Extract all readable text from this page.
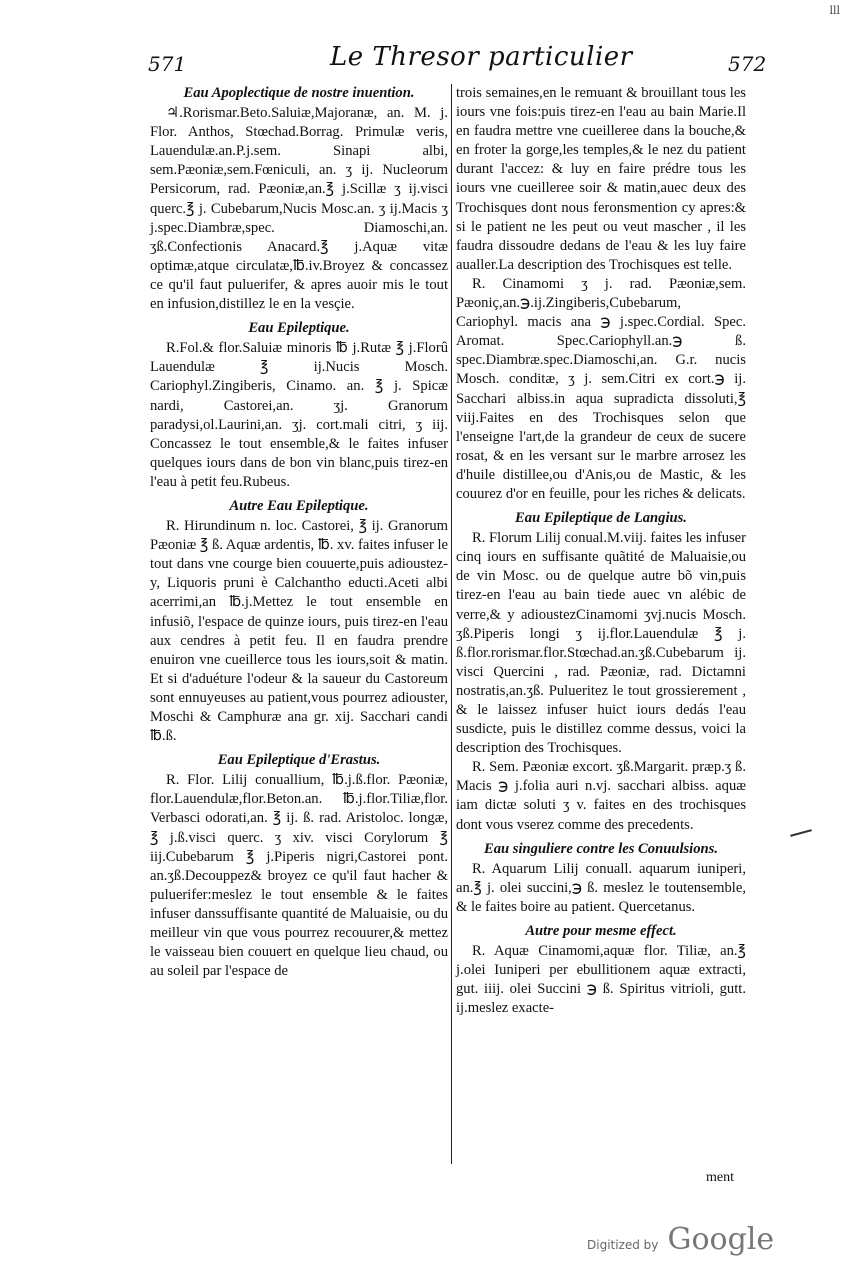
lll
571	Le Thresor particulier	572
Eau Apoplectique de nostre inuention.

♃.Rorismar.Beto.Saluiæ,Majoranæ, an. M. j. Flor. Anthos, Stœchad.Borrag. Primulæ veris, Lauendulæ.an.P.j.sem. Sinapi albi, sem.Pæoniæ,sem.Fœniculi, an. ʒ ij. Nucleorum Persicorum, rad. Pæoniæ,an.℥ j.Scillæ ʒ ij.visci querc.℥ j. Cubebarum,Nucis Mosc.an. ʒ ij.Macis ʒ j.spec.Diambræ,spec. Diamoschi,an. ʒß.Confectionis Anacard.℥ j.Aquæ vitæ optimæ,atque circulatæ,℔.iv.Broyez & concassez ce qu'il faut puluerifer, & apres auoir mis le tout en infusion,distillez le en la vesçie.

Eau Epileptique.

R.Fol.& flor.Saluiæ minoris ℔ j.Rutæ ℥ j.Florû Lauendulæ ℥ ij.Nucis Mosch. Cariophyl.Zingiberis, Cinamo. an. ℥ j. Spicæ nardi, Castorei,an. ʒj. Granorum paradysi,ol.Laurini,an. ʒj. cort.mali citri, ʒ iij. Concassez le tout ensemble,& le faites infuser quelques iours dans de bon vin blanc,puis tirez-en l'eau à petit feu.Rubeus.

Autre Eau Epileptique.

R. Hirundinum n. loc. Castorei, ℥ ij. Granorum Pæoniæ ℥ ß. Aquæ ardentis, ℔. xv. faites infuser le tout dans vne courge bien couuerte,puis adioustez-y, Liquoris pruni è Calchantho educti.Aceti albi acerrimi,an ℔.j.Mettez le tout ensemble en infusiõ, l'espace de quinze iours, puis tirez-en l'eau aux cendres à petit feu. Il en faudra prendre enuiron vne cueillerce tous les iours,soit & matin. Et si d'aduéture l'odeur & la saueur du Castoreum sont ennuyeuses au patient,vous pourrez adiouster, Moschi & Camphuræ ana gr. xij. Sacchari candi ℔.ß.

Eau Epileptique d'Erastus.

R. Flor. Lilij conuallium, ℔.j.ß.flor. Pæoniæ, flor.Lauendulæ,flor.Beton.an. ℔.j.flor.Tiliæ,flor. Verbasci odorati,an. ℥ ij. ß. rad. Aristoloc. longæ, ℥ j.ß.visci querc. ʒ xiv. visci Corylorum ℥ iij.Cubebarum ℥ j.Piperis nigri,Castorei pont. an.ʒß.Decouppez& broyez ce qu'il faut hacher & puluerifer:meslez le tout ensemble & le faites infuser danssuffisante quantité de Maluaisie, ou du meilleur vin que vous pourrez recouurer,& mettez le vaisseau bien couuert en quelque lieu chaud, ou au soleil par l'espace de

trois semaines,en le remuant & brouillant tous les iours vne fois:puis tirez-en l'eau au bain Marie.Il en faudra mettre vne cueilleree dans la bouche,& en froter la gorge,les temples,& le nez du patient durant l'accez: & luy en faire prédre tous les iours vne cueilleree soir & matin,auec deux des Trochisques dont nous feronsmention cy apres:& si le patient ne les peut ou veut mascher , il les faudra dissoudre dedans de l'eau & les luy faire aualler.La description des Trochisques est telle.

R. Cinamomi ʒ j. rad. Pæoniæ,sem. Pæoniç,an.℈.ij.Zingiberis,Cubebarum, Cariophyl. macis ana ℈ j.spec.Cordial. Spec. Aromat. Spec.Cariophyll.an.℈ ß. spec.Diambræ.spec.Diamoschi,an. G.r. nucis Mosch. conditæ, ʒ j. sem.Citri ex cort.℈ ij. Sacchari albiss.in aqua supradicta dissoluti,℥ viij.Faites en des Trochisques selon que l'enseigne l'art,de la grandeur de ceux de sucere rosat, & en les versant sur le marbre arrosez les d'huile distillee,ou d'Anis,ou de Mastic, & les couurez d'or en feuille, pour les riches & delicats.

Eau Epileptique de Langius.

R. Florum Lilij conual.M.viij. faites les infuser cinq iours en suffisante quãtité de Maluaisie,ou de vin Mosc. ou de quelque autre bõ vin,puis tirez-en l'eau au bain tiede auec vn alébic de verre,& y adioustezCinamomi ʒvj.nucis Mosch. ʒß.Piperis longi ʒ ij.flor.Lauendulæ ℥ j. ß.flor.rorismar.flor.Stœchad.an.ʒß.Cubebarum ij. visci Quercini , rad. Pæoniæ, rad. Dictamni nostratis,an.ʒß. Pulueritez le tout grossierement , & le laissez infuser huict iours dedás l'eau susdicte, puis le distillez comme dessus, voici la description des Trochisques.

R. Sem. Pæoniæ excort. ʒß.Margarit. præp.ʒ ß. Macis ℈ j.folia auri n.vj. sacchari albiss. aquæ iam dictæ soluti ʒ v. faites en des trochisques dont vous vserez comme des precedents.

Eau singuliere contre les Conuulsions.

R. Aquarum Lilij conuall. aquarum iuniperi, an.℥ j. olei succini,℈ ß. meslez le toutensemble, & le faites boire au patient. Quercetanus.

Autre pour mesme effect.

R. Aquæ Cinamomi,aquæ flor. Tiliæ, an.℥ j.olei Iuniperi per ebullitionem aquæ extracti, gut. iiij. olei Succini ℈ ß. Spiritus vitrioli, gutt. ij.meslez exacte-

ment
Digitized by Google
